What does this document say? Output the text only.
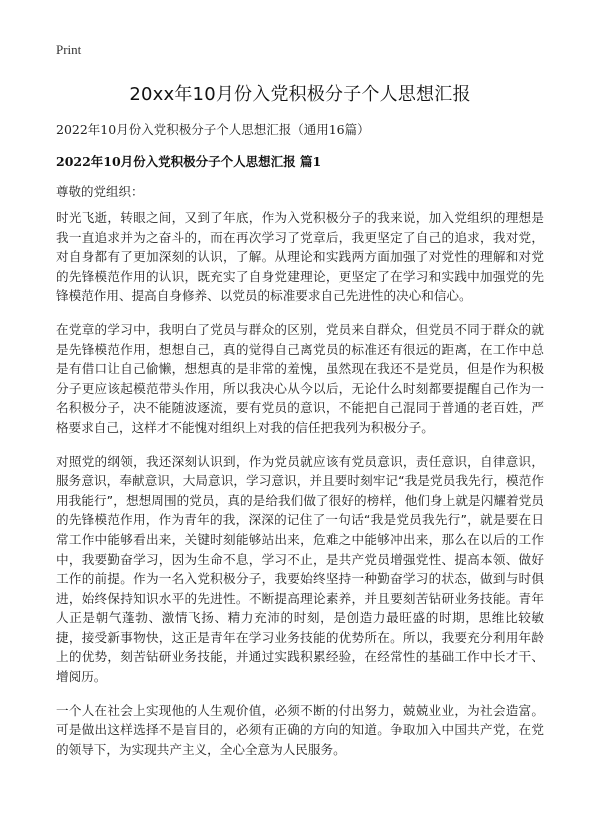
Print
20xx年10月份入党积极分子个人思想汇报
2022年10月份入党积极分子个人思想汇报（通用16篇）
2022年10月份入党积极分子个人思想汇报 篇1
尊敬的党组织：

时光飞逝，转眼之间，又到了年底，作为入党积极分子的我来说，加入党组织的理想是我一直追求并为之奋斗的，而在再次学习了党章后，我更坚定了自己的追求，我对党，对自身都有了更加深刻的认识，了解。从理论和实践两方面加强了对党性的理解和对党的先锋模范作用的认识，既充实了自身党建理论，更坚定了在学习和实践中加强党的先锋模范作用、提高自身修养、以党员的标准要求自己先进性的决心和信心。

在党章的学习中，我明白了党员与群众的区别，党员来自群众，但党员不同于群众的就是先锋模范作用，想想自己，真的觉得自己离党员的标准还有很远的距离，在工作中总是有借口让自己偷懒，想想真的是非常的羞愧，虽然现在我还不是党员，但是作为积极分子更应该起模范带头作用，所以我决心从今以后，无论什么时刻都要提醒自己作为一名积极分子，决不能随波逐流，要有党员的意识，不能把自己混同于普通的老百姓，严格要求自己，这样才不能愧对组织上对我的信任把我列为积极分子。

对照党的纲领，我还深刻认识到，作为党员就应该有党员意识，责任意识，自律意识，服务意识，奉献意识，大局意识，学习意识，并且要时刻牢记“我是党员我先行，模范作用我能行”，想想周围的党员，真的是给我们做了很好的榜样，他们身上就是闪耀着党员的先锋模范作用，作为青年的我，深深的记住了一句话“我是党员我先行”，就是要在日常工作中能够看出来，关键时刻能够站出来，危难之中能够冲出来，那么在以后的工作中，我要勤奋学习，因为生命不息，学习不止，是共产党员增强党性、提高本领、做好工作的前提。作为一名入党积极分子，我要始终坚持一种勤奋学习的状态，做到与时俱进，始终保持知识水平的先进性。不断提高理论素养，并且要刻苦钻研业务技能。青年人正是朝气蓬勃、激情飞扬、精力充沛的时刻，是创造力最旺盛的时期，思维比较敏捷，接受新事物快，这正是青年在学习业务技能的优势所在。所以，我要充分利用年龄上的优势，刻苦钻研业务技能，并通过实践积累经验，在经常性的基础工作中长才干、增阅历。

一个人在社会上实现他的人生观价值，必须不断的付出努力，兢兢业业，为社会造富。可是做出这样选择不是盲目的，必须有正确的方向的知道。争取加入中国共产党，在党的领导下，为实现共产主义，全心全意为人民服务。
